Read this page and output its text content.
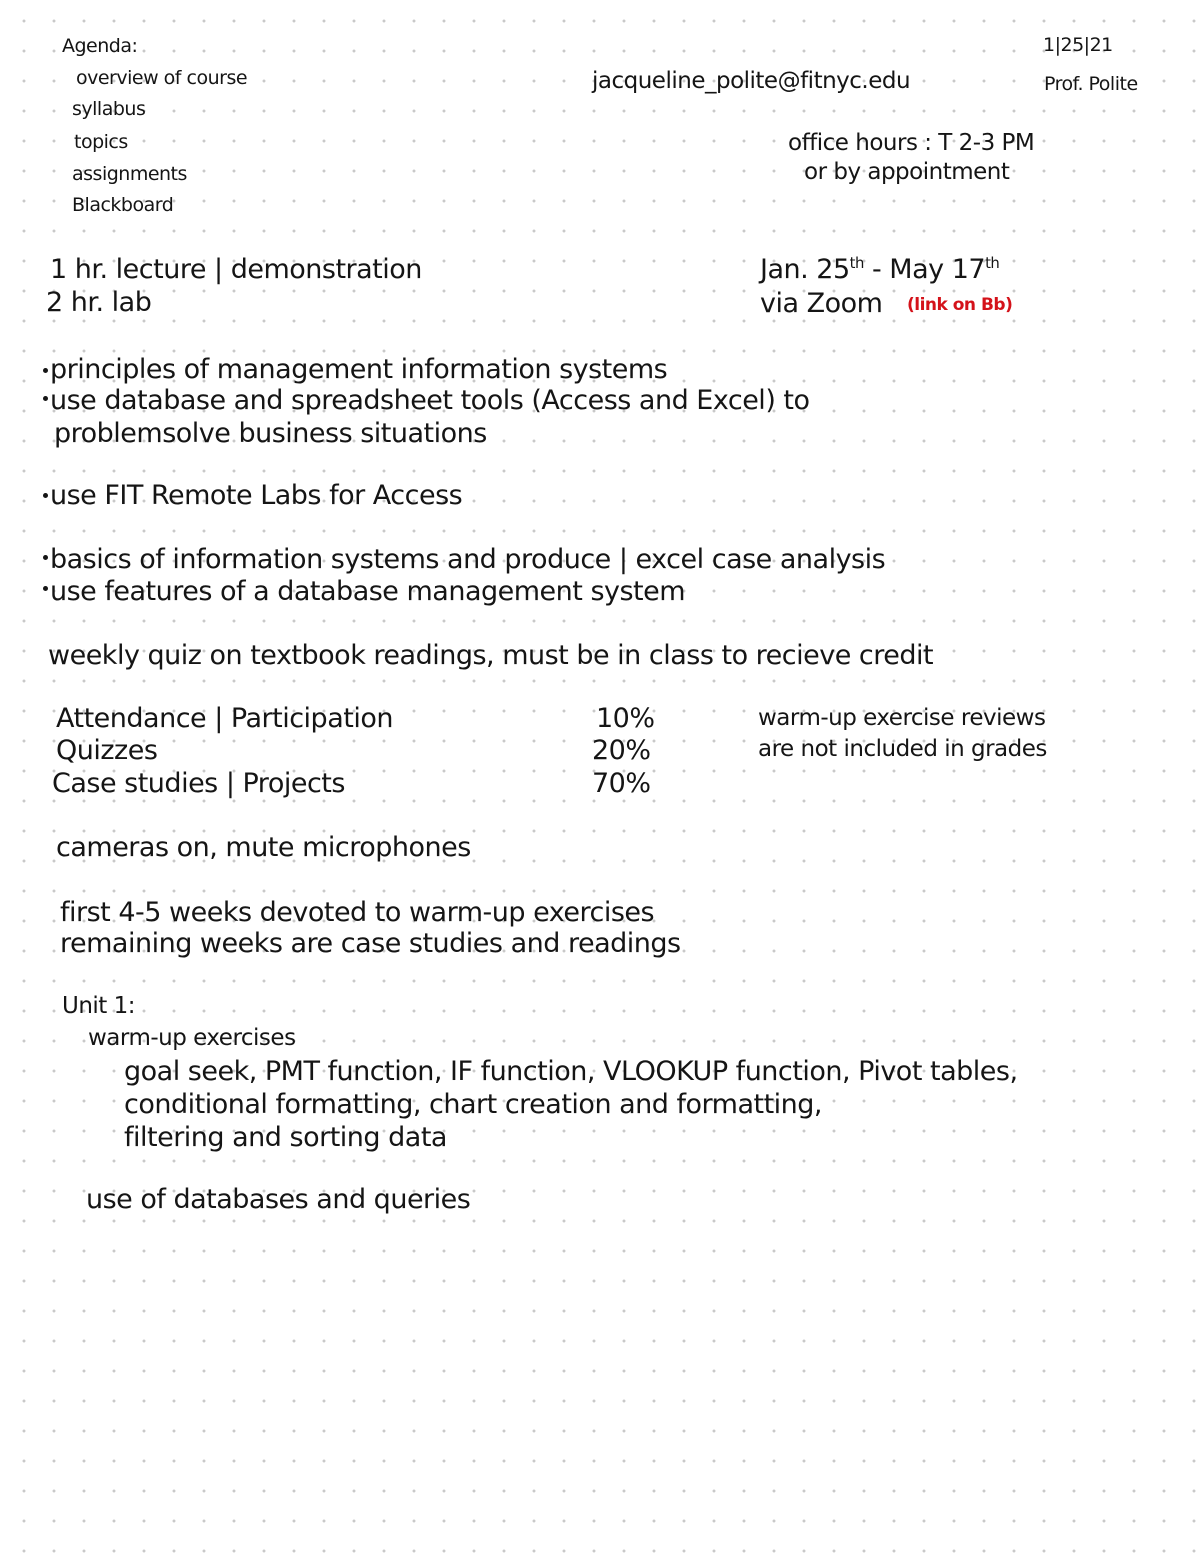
1|25|21
Prof. Polite
jacqueline_polite@fitnyc.edu
office hours : T 2-3 PM
or by appointment
Agenda:
overview of course
syllabus
topics
assignments
Blackboard
1 hr. lecture | demonstration
2 hr. lab
Jan. 25th - May 17th
via Zoom (link on Bb)
principles of management information systems
use database and spreadsheet tools (Access and Excel) to
problemsolve business situations
use FIT Remote Labs for Access
basics of information systems and produce | excel case analysis
use features of a database management system
weekly quiz on textbook readings, must be in class to recieve credit
Attendance | Participation	10%
Quizzes	20%
Case studies | Projects	70%
warm-up exercise reviews
are not included in grades
cameras on, mute microphones
first 4-5 weeks devoted to warm-up exercises
remaining weeks are case studies and readings
Unit 1:
warm-up exercises
goal seek, PMT function, IF function, VLOOKUP function, Pivot tables,
conditional formatting, chart creation and formatting,
filtering and sorting data
use of databases and queries
